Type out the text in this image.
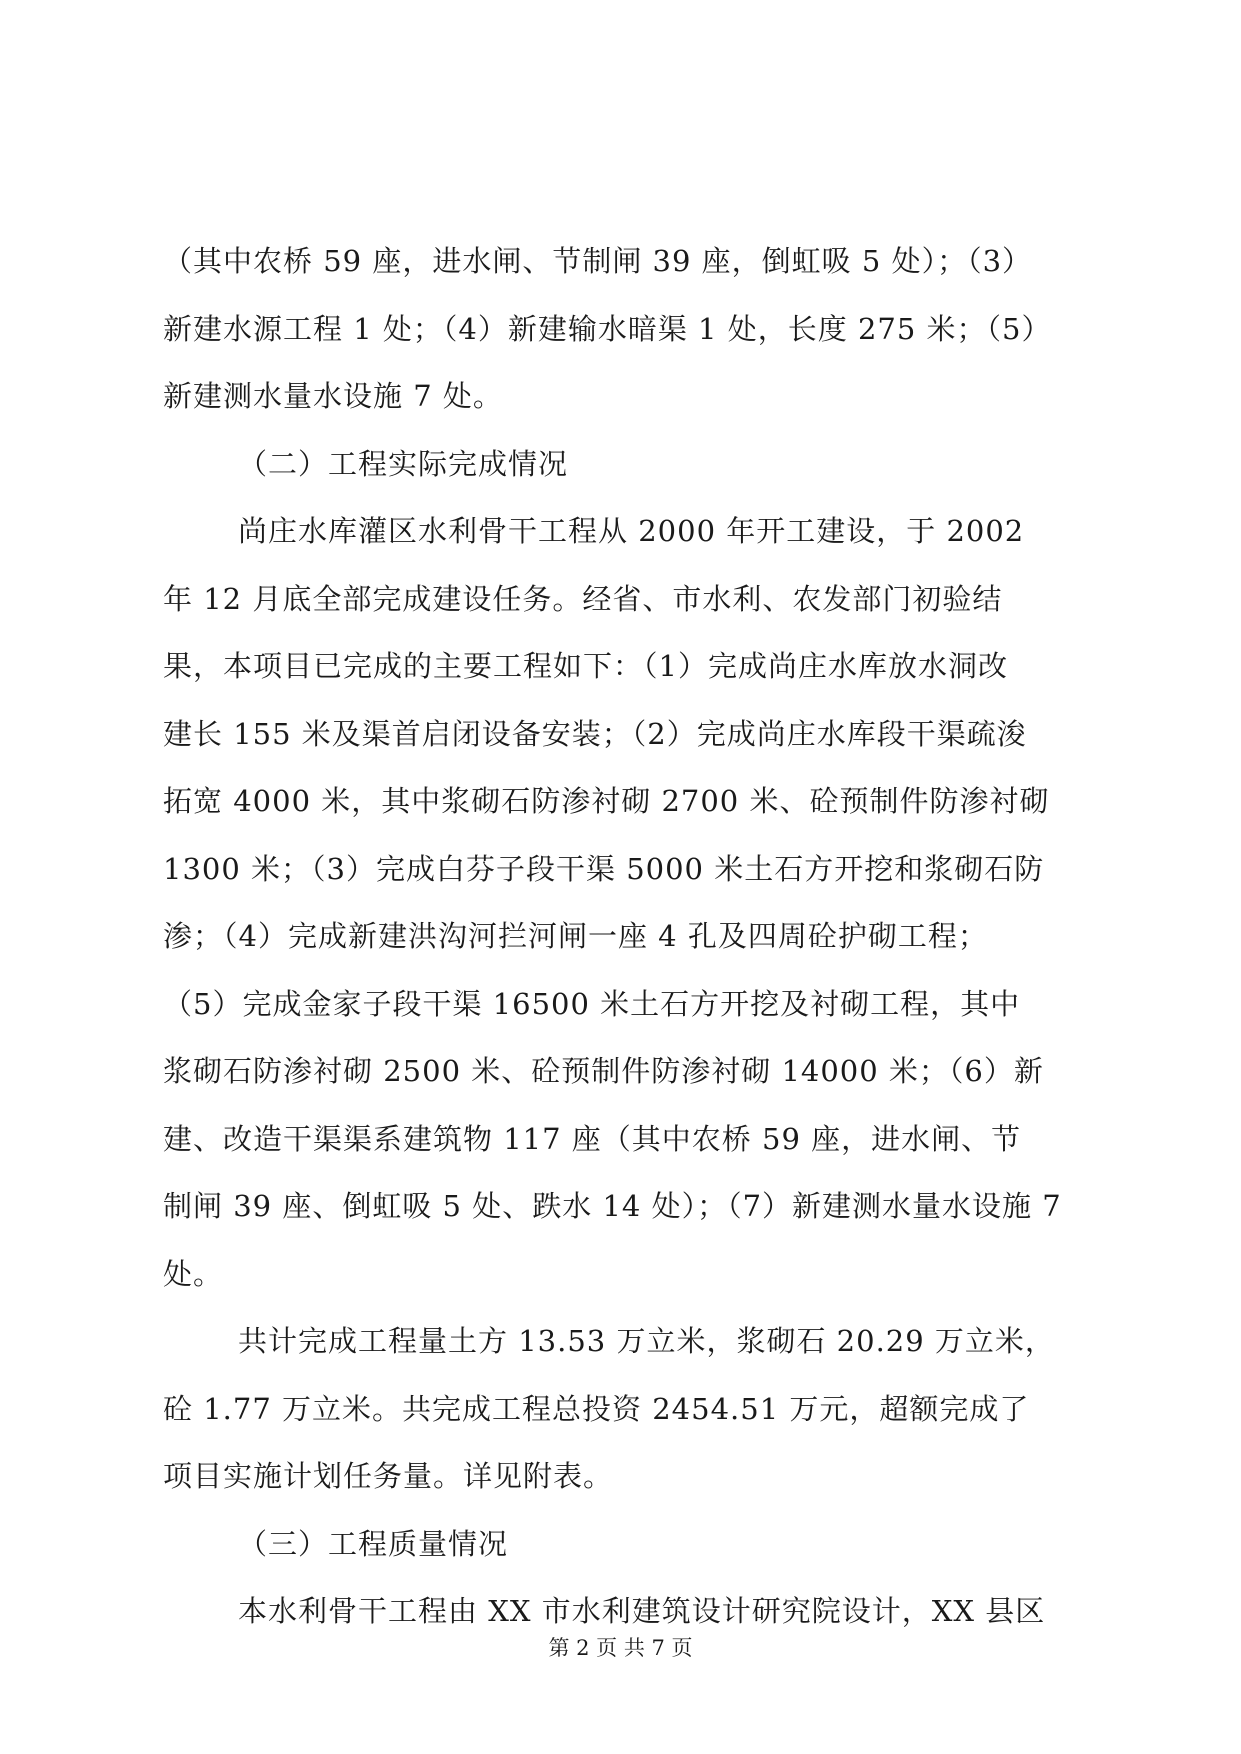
（其中农桥 59 座，进水闸、节制闸 39 座，倒虹吸 5 处）；（3）
新建水源工程 1 处；（4）新建输水暗渠 1 处，长度 275 米；（5）
新建测水量水设施 7 处。
（二）工程实际完成情况
尚庄水库灌区水利骨干工程从 2000 年开工建设，于 2002
年 12 月底全部完成建设任务。经省、市水利、农发部门初验结
果，本项目已完成的主要工程如下：（1）完成尚庄水库放水洞改
建长 155 米及渠首启闭设备安装；（2）完成尚庄水库段干渠疏浚
拓宽 4000 米，其中浆砌石防渗衬砌 2700 米、砼预制件防渗衬砌
1300 米；（3）完成白芬子段干渠 5000 米土石方开挖和浆砌石防
渗；（4）完成新建洪沟河拦河闸一座 4 孔及四周砼护砌工程；
（5）完成金家子段干渠 16500 米土石方开挖及衬砌工程，其中
浆砌石防渗衬砌 2500 米、砼预制件防渗衬砌 14000 米；（6）新
建、改造干渠渠系建筑物 117 座（其中农桥 59 座，进水闸、节
制闸 39 座、倒虹吸 5 处、跌水 14 处）；（7）新建测水量水设施 7
处。
共计完成工程量土方 13.53 万立米，浆砌石 20.29 万立米，
砼 1.77 万立米。共完成工程总投资 2454.51 万元，超额完成了
项目实施计划任务量。详见附表。
（三）工程质量情况
本水利骨干工程由 XX 市水利建筑设计研究院设计，XX 县区
第 2 页 共 7 页
